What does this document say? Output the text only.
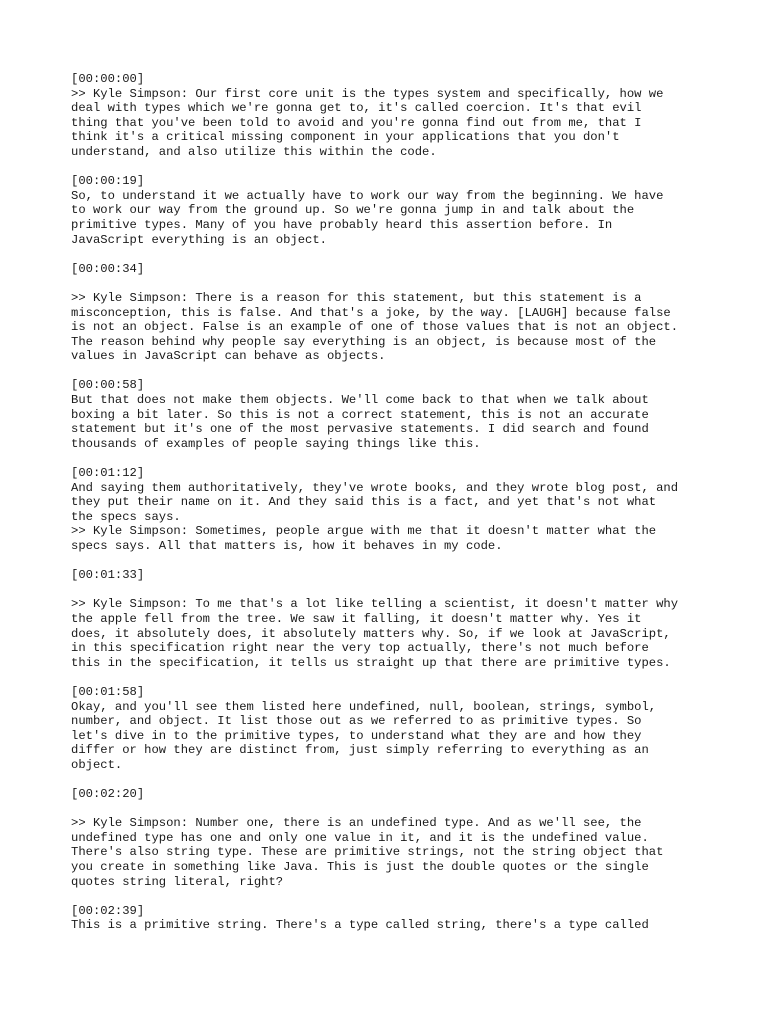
[00:00:00]
>> Kyle Simpson: Our first core unit is the types system and specifically, how we
deal with types which we're gonna get to, it's called coercion. It's that evil
thing that you've been told to avoid and you're gonna find out from me, that I
think it's a critical missing component in your applications that you don't
understand, and also utilize this within the code.
[00:00:19]
So, to understand it we actually have to work our way from the beginning. We have
to work our way from the ground up. So we're gonna jump in and talk about the
primitive types. Many of you have probably heard this assertion before. In
JavaScript everything is an object.
[00:00:34]
>> Kyle Simpson: There is a reason for this statement, but this statement is a
misconception, this is false. And that's a joke, by the way. [LAUGH] because false
is not an object. False is an example of one of those values that is not an object.
The reason behind why people say everything is an object, is because most of the
values in JavaScript can behave as objects.
[00:00:58]
But that does not make them objects. We'll come back to that when we talk about
boxing a bit later. So this is not a correct statement, this is not an accurate
statement but it's one of the most pervasive statements. I did search and found
thousands of examples of people saying things like this.
[00:01:12]
And saying them authoritatively, they've wrote books, and they wrote blog post, and
they put their name on it. And they said this is a fact, and yet that's not what
the specs says.
>> Kyle Simpson: Sometimes, people argue with me that it doesn't matter what the
specs says. All that matters is, how it behaves in my code.
[00:01:33]
>> Kyle Simpson: To me that's a lot like telling a scientist, it doesn't matter why
the apple fell from the tree. We saw it falling, it doesn't matter why. Yes it
does, it absolutely does, it absolutely matters why. So, if we look at JavaScript,
in this specification right near the very top actually, there's not much before
this in the specification, it tells us straight up that there are primitive types.
[00:01:58]
Okay, and you'll see them listed here undefined, null, boolean, strings, symbol,
number, and object. It list those out as we referred to as primitive types. So
let's dive in to the primitive types, to understand what they are and how they
differ or how they are distinct from, just simply referring to everything as an
object.
[00:02:20]
>> Kyle Simpson: Number one, there is an undefined type. And as we'll see, the
undefined type has one and only one value in it, and it is the undefined value.
There's also string type. These are primitive strings, not the string object that
you create in something like Java. This is just the double quotes or the single
quotes string literal, right?
[00:02:39]
This is a primitive string. There's a type called string, there's a type called
